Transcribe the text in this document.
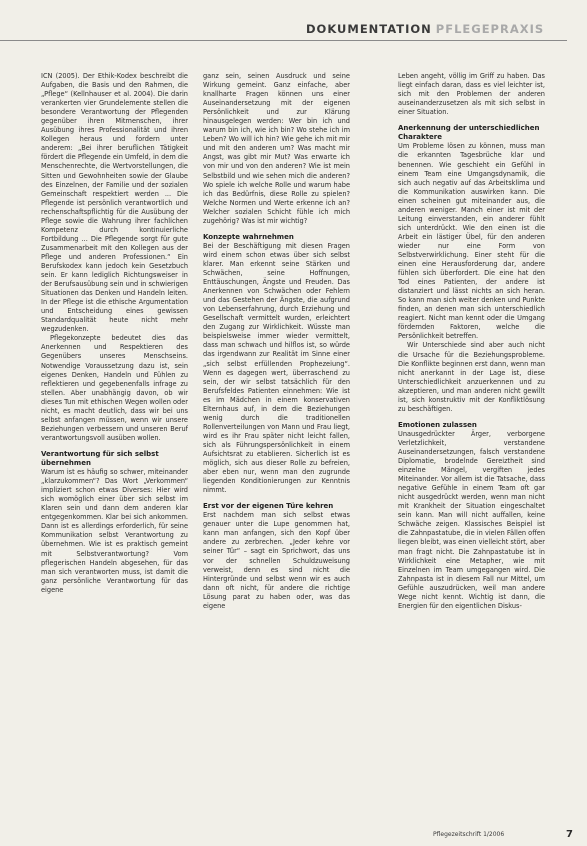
DOKUMENTATION PFLEGEPRAXIS

ICN (2005). Der Ethik-Kodex beschreibt die Aufgaben, die Basis und den Rahmen, die „Pflege“ (Kellnhauser et al. 2004). Die darin verankerten vier Grundelemente stellen die besondere Verantwortung der Pflegenden gegenüber ihren Mitmenschen, ihrer Ausübung ihres Professionalität und ihren Kollegen heraus und fordern unter anderem: „Bei ihrer beruflichen Tätigkeit fördert die Pflegende ein Umfeld, in dem die Menschenrechte, die Wertvorstellungen, die Sitten und Gewohnheiten sowie der Glaube des Einzelnen, der Familie und der sozialen Gemeinschaft respektiert werden ... Die Pflegende ist persönlich verantwortlich und rechenschaftspflichtig für die Ausübung der Pflege sowie die Wahrung ihrer fachlichen Kompetenz durch kontinuierliche Fortbildung ... Die Pflegende sorgt für gute Zusammenarbeit mit den Kollegen aus der Pflege und anderen Professionen.“ Ein Berufskodex kann jedoch kein Gesetzbuch sein. Er kann lediglich Richtungsweiser in der Berufsausübung sein und in schwierigen Situationen das Denken und Handeln leiten. In der Pflege ist die ethische Argumentation und Entscheidung eines gewissen Standardqualität heute nicht mehr wegzudenken.

Pflegekonzepte bedeutet dies das Anerkennen und Respektieren des Gegenübers unseres Menschseins. Notwendige Voraussetzung dazu ist, sein eigenes Denken, Handeln und Fühlen zu reflektieren und gegebenenfalls infrage zu stellen. Aber unabhängig davon, ob wir dieses Tun mit ethischen Wegen wollen oder nicht, es macht deutlich, dass wir bei uns selbst anfangen müssen, wenn wir unsere Beziehungen verbessern und unseren Beruf verantwortungsvoll ausüben wollen.

Verantwortung für sich selbst übernehmen

Warum ist es häufig so schwer, miteinander „klarzukommen“? Das Wort „Verkommen“ impliziert schon etwas Diverses: Hier wird sich womöglich einer über sich selbst im Klaren sein und dann dem anderen klar entgegenkommen. Klar bei sich ankommen. Dann ist es allerdings erforderlich, für seine Kommunikation selbst Verantwortung zu übernehmen. Wie ist es praktisch gemeint mit Selbstverantwortung? Vom pflegerischen Handeln abgesehen, für das man sich verantworten muss, ist damit die ganz persönliche Verantwortung für das eigene

ganz sein, seinen Ausdruck und seine Wirkung gemeint. Ganz einfache, aber knallharte Fragen können uns einer Auseinandersetzung mit der eigenen Persönlichkeit und zur Klärung hinausgelegen werden: Wer bin ich und warum bin ich, wie ich bin? Wo stehe ich im Leben? Wo will ich hin? Wie gehe ich mit mir und mit den anderen um? Was macht mir Angst, was gibt mir Mut? Was erwarte ich von mir und von den anderen? Wie ist mein Selbstbild und wie sehen mich die anderen? Wo spiele ich welche Rolle und warum habe ich das Bedürfnis, diese Rolle zu spielen? Welche Normen und Werte erkenne ich an? Welcher sozialen Schicht fühle ich mich zugehörig? Was ist mir wichtig?

Konzepte wahrnehmen

Bei der Beschäftigung mit diesen Fragen wird einem schon etwas über sich selbst klarer. Man erkennt seine Stärken und Schwächen, seine Hoffnungen, Enttäuschungen, Ängste und Freuden. Das Anerkennen von Schwächen oder Fehlern und das Gestehen der Ängste, die aufgrund von Lebenserfahrung, durch Erziehung und Gesellschaft vermittelt wurden, erleichtert den Zugang zur Wirklichkeit. Wüsste man beispielsweise immer wieder vermittelt, dass man schwach und hilflos ist, so würde das irgendwann zur Realität im Sinne einer „sich selbst erfüllenden Prophezeiung“. Wenn es dagegen wert, überraschend zu sein, der wir selbst tatsächlich für den Berufsfeldes Patienten einnehmen: Wie ist es im Mädchen in einem konservativen Elternhaus auf, in dem die Beziehungen wenig durch die traditionellen Rollenverteilungen von Mann und Frau liegt, wird es ihr Frau später nicht leicht fallen, sich als Führungspersönlichkeit in einem Aufsichtsrat zu etablieren. Sicherlich ist es möglich, sich aus dieser Rolle zu befreien, aber eben nur, wenn man den zugrunde liegenden Konditionierungen zur Kenntnis nimmt.

Erst vor der eigenen Türe kehren

Erst nachdem man sich selbst etwas genauer unter die Lupe genommen hat, kann man anfangen, sich den Kopf über andere zu zerbrechen. „Jeder kehre vor seiner Tür“ – sagt ein Sprichwort, das uns vor der schnellen Schuldzuweisung verweist, denn es sind nicht die Hintergründe und selbst wenn wir es auch dann oft nicht, für andere die richtige Lösung parat zu haben oder, was das eigene

Leben angeht, völlig im Griff zu haben. Das liegt einfach daran, dass es viel leichter ist, sich mit den Problemen der anderen auseinanderzusetzen als mit sich selbst in einer Situation.

Anerkennung der unterschiedlichen Charaktere

Um Probleme lösen zu können, muss man die erkannten Tagesbrüche klar und benennen. Wie geschieht ein Gefühl in einem Team eine Umgangsdynamik, die sich auch negativ auf das Arbeitsklima und die Kommunikation auswirken kann. Die einen scheinen gut miteinander aus, die anderen weniger. Manch einer ist mit der Leitung einverstanden, ein anderer fühlt sich unterdrückt. Wie den einen ist die Arbeit ein lästiger Übel, für den anderen wieder nur eine Form von Selbstverwirklichung. Einer steht für die einen eine Herausforderung dar, andere fühlen sich überfordert. Die eine hat den Tod eines Patienten, der andere ist distanziert und lässt nichts an sich heran. So kann man sich weiter denken und Punkte finden, an denen man sich unterschiedlich reagiert. Nicht man kennt oder die Umgang fördernden Faktoren, welche die Persönlichkeit betreffen.

Wir Unterschiede sind aber auch nicht die Ursache für die Beziehungsprobleme. Die Konflikte beginnen erst dann, wenn man nicht anerkannt in der Lage ist, diese Unterschiedlichkeit anzuerkennen und zu akzeptieren, und man anderen nicht gewillt ist, sich konstruktiv mit der Konfliktlösung zu beschäftigen.

Emotionen zulassen

Unausgedrückter Ärger, verborgene Verletzlichkeit, verstandene Auseinandersetzungen, falsch verstandene Diplomatie, brodelnde Gereiztheit sind einzelne Mängel, vergiften jedes Miteinander. Vor allem ist die Tatsache, dass negative Gefühle in einem Team oft gar nicht ausgedrückt werden, wenn man nicht mit Krankheit der Situation eingeschaltet sein kann. Man will nicht auffallen, keine Schwäche zeigen. Klassisches Beispiel ist die Zahnpastatube, die in vielen Fällen offen liegen bleibt, was einen vielleicht stört, aber man fragt nicht. Die Zahnpastatube ist in Wirklichkeit eine Metapher, wie mit Einzelnen im Team umgegangen wird. Die Zahnpasta ist in diesem Fall nur Mittel, um Gefühle auszudrücken, weil man andere Wege nicht kennt. Wichtig ist dann, die Energien für den eigentlichen Diskus-

Pflegezeitschrift 1/2006	7
